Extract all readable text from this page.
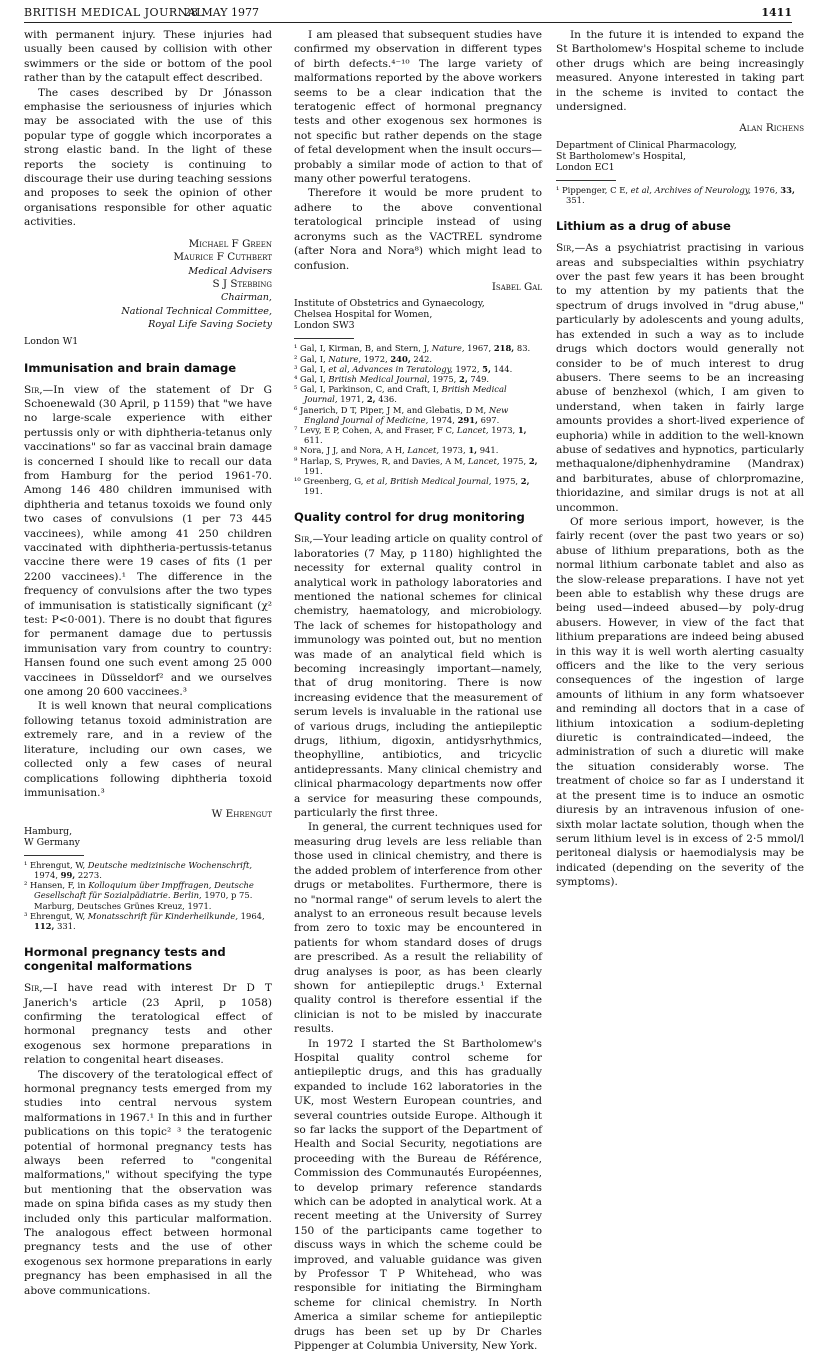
BRITISH MEDICAL JOURNAL
28 MAY 1977	1411

with permanent injury. These injuries had usually been caused by collision with other swimmers or the side or bottom of the pool rather than by the catapult effect described.

The cases described by Dr Jónasson emphasise the seriousness of injuries which may be associated with the use of this popular type of goggle which incorporates a strong elastic band. In the light of these reports the society is continuing to discourage their use during teaching sessions and proposes to seek the opinion of other organisations responsible for other aquatic activities.

Michael F Green
Maurice F Cuthbert
Medical Advisers
S J Stebbing
Chairman,
National Technical Committee,
Royal Life Saving Society
London W1
Immunisation and brain damage

Sir,—In view of the statement of Dr G Schoenewald (30 April, p 1159) that "we have no large-scale experience with either pertussis only or with diphtheria-tetanus only vaccinations" so far as vaccinal brain damage is concerned I should like to recall our data from Hamburg for the period 1961-70. Among 146 480 children immunised with diphtheria and tetanus toxoids we found only two cases of convulsions (1 per 73 445 vaccinees), while among 41 250 children vaccinated with diphtheria-pertussis-tetanus vaccine there were 19 cases of fits (1 per 2200 vaccinees).¹ The difference in the frequency of convulsions after the two types of immunisation is statistically significant (χ² test: P<0·001). There is no doubt that figures for permanent damage due to pertussis immunisation vary from country to country: Hansen found one such event among 25 000 vaccinees in Düsseldorf² and we ourselves one among 20 600 vaccinees.³

It is well known that neural complications following tetanus toxoid administration are extremely rare, and in a review of the literature, including our own cases, we collected only a few cases of neural complications following diphtheria toxoid immunisation.³

W Ehrengut
Hamburg,
W Germany
¹ Ehrengut, W, Deutsche medizinische Wochenschrift, 1974, 99, 2273.
² Hansen, F, in Kolloquium über Impffragen, Deutsche Gesellschaft für Sozialpädiatrie. Berlin, 1970, p 75. Marburg, Deutsches Grünes Kreuz, 1971.
³ Ehrengut, W, Monatsschrift für Kinderheilkunde, 1964, 112, 331.
Hormonal pregnancy tests and congenital malformations

Sir,—I have read with interest Dr D T Janerich's article (23 April, p 1058) confirming the teratological effect of hormonal pregnancy tests and other exogenous sex hormone preparations in relation to congenital heart diseases.

The discovery of the teratological effect of hormonal pregnancy tests emerged from my studies into central nervous system malformations in 1967.¹ In this and in further publications on this topic² ³ the teratogenic potential of hormonal pregnancy tests has always been referred to "congenital malformations," without specifying the type but mentioning that the observation was made on spina bifida cases as my study then included only this particular malformation. The analogous effect between hormonal pregnancy tests and the use of other exogenous sex hormone preparations in early pregnancy has been emphasised in all the above communications.

I am pleased that subsequent studies have confirmed my observation in different types of birth defects.⁴⁻¹⁰ The large variety of malformations reported by the above workers seems to be a clear indication that the teratogenic effect of hormonal pregnancy tests and other exogenous sex hormones is not specific but rather depends on the stage of fetal development when the insult occurs—probably a similar mode of action to that of many other powerful teratogens.

Therefore it would be more prudent to adhere to the above conventional teratological principle instead of using acronyms such as the VACTREL syndrome (after Nora and Nora⁸) which might lead to confusion.

Isabel Gal
Institute of Obstetrics and Gynaecology,
Chelsea Hospital for Women,
London SW3
¹ Gal, I, Kirman, B, and Stern, J, Nature, 1967, 218, 83.
² Gal, I, Nature, 1972, 240, 242.
³ Gal, I, et al, Advances in Teratology, 1972, 5, 144.
⁴ Gal, I, British Medical Journal, 1975, 2, 749.
⁵ Gal, I, Parkinson, C, and Craft, I, British Medical Journal, 1971, 2, 436.
⁶ Janerich, D T, Piper, J M, and Glebatis, D M, New England Journal of Medicine, 1974, 291, 697.
⁷ Levy, E P, Cohen, A, and Fraser, F C, Lancet, 1973, 1, 611.
⁸ Nora, J J, and Nora, A H, Lancet, 1973, 1, 941.
⁹ Harlap, S, Prywes, R, and Davies, A M, Lancet, 1975, 2, 191.
¹⁰ Greenberg, G, et al, British Medical Journal, 1975, 2, 191.
Quality control for drug monitoring

Sir,—Your leading article on quality control of laboratories (7 May, p 1180) highlighted the necessity for external quality control in analytical work in pathology laboratories and mentioned the national schemes for clinical chemistry, haematology, and microbiology. The lack of schemes for histopathology and immunology was pointed out, but no mention was made of an analytical field which is becoming increasingly important—namely, that of drug monitoring. There is now increasing evidence that the measurement of serum levels is invaluable in the rational use of various drugs, including the antiepileptic drugs, lithium, digoxin, antidysrhythmics, theophylline, antibiotics, and tricyclic antidepressants. Many clinical chemistry and clinical pharmacology departments now offer a service for measuring these compounds, particularly the first three.

In general, the current techniques used for measuring drug levels are less reliable than those used in clinical chemistry, and there is the added problem of interference from other drugs or metabolites. Furthermore, there is no "normal range" of serum levels to alert the analyst to an erroneous result because levels from zero to toxic may be encountered in patients for whom standard doses of drugs are prescribed. As a result the reliability of drug analyses is poor, as has been clearly shown for antiepileptic drugs.¹ External quality control is therefore essential if the clinician is not to be misled by inaccurate results.

In 1972 I started the St Bartholomew's Hospital quality control scheme for antiepileptic drugs, and this has gradually expanded to include 162 laboratories in the UK, most Western European countries, and several countries outside Europe. Although it so far lacks the support of the Department of Health and Social Security, negotiations are proceeding with the Bureau de Référence, Commission des Communautés Européennes, to develop primary reference standards which can be adopted in analytical work. At a recent meeting at the University of Surrey 150 of the participants came together to discuss ways in which the scheme could be improved, and valuable guidance was given by Professor T P Whitehead, who was responsible for initiating the Birmingham scheme for clinical chemistry. In North America a similar scheme for antiepileptic drugs has been set up by Dr Charles Pippenger at Columbia University, New York.

In the future it is intended to expand the St Bartholomew's Hospital scheme to include other drugs which are being increasingly measured. Anyone interested in taking part in the scheme is invited to contact the undersigned.

Alan Richens
Department of Clinical Pharmacology,
St Bartholomew's Hospital,
London EC1
¹ Pippenger, C E, et al, Archives of Neurology, 1976, 33, 351.
Lithium as a drug of abuse

Sir,—As a psychiatrist practising in various areas and subspecialties within psychiatry over the past few years it has been brought to my attention by my patients that the spectrum of drugs involved in "drug abuse," particularly by adolescents and young adults, has extended in such a way as to include drugs which doctors would generally not consider to be of much interest to drug abusers. There seems to be an increasing abuse of benzhexol (which, I am given to understand, when taken in fairly large amounts provides a short-lived experience of euphoria) while in addition to the well-known abuse of sedatives and hypnotics, particularly methaqualone/diphenhydramine (Mandrax) and barbiturates, abuse of chlorpromazine, thioridazine, and similar drugs is not at all uncommon.

Of more serious import, however, is the fairly recent (over the past two years or so) abuse of lithium preparations, both as the normal lithium carbonate tablet and also as the slow-release preparations. I have not yet been able to establish why these drugs are being used—indeed abused—by poly-drug abusers. However, in view of the fact that lithium preparations are indeed being abused in this way it is well worth alerting casualty officers and the like to the very serious consequences of the ingestion of large amounts of lithium in any form whatsoever and reminding all doctors that in a case of lithium intoxication a sodium-depleting diuretic is contraindicated—indeed, the administration of such a diuretic will make the situation considerably worse. The treatment of choice so far as I understand it at the present time is to induce an osmotic diuresis by an intravenous infusion of one-sixth molar lactate solution, though when the serum lithium level is in excess of 2·5 mmol/l peritoneal dialysis or haemodialysis may be indicated (depending on the severity of the symptoms).
